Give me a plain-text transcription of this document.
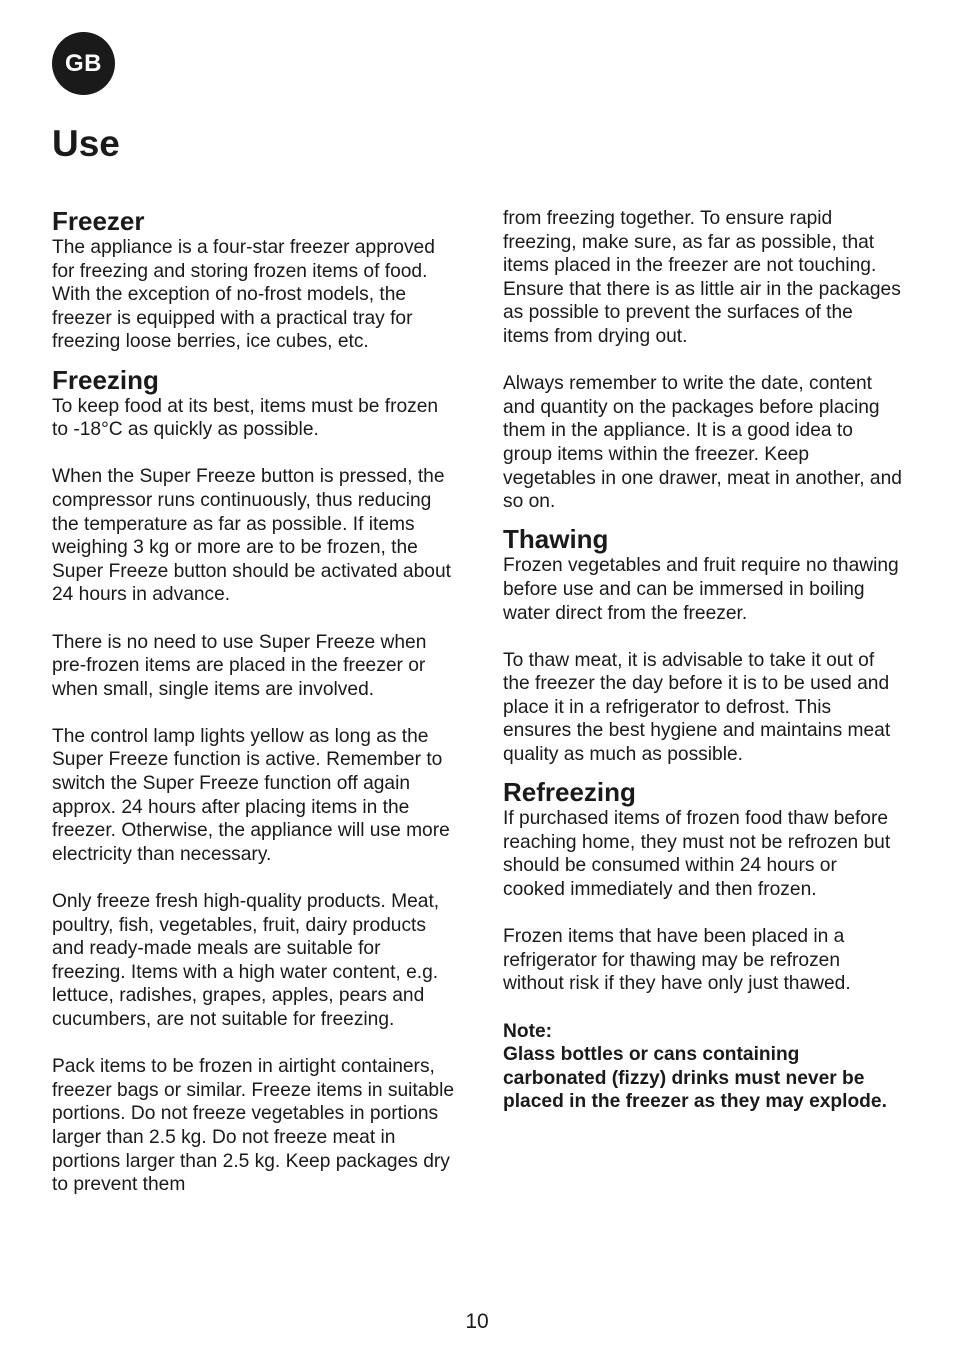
GB
Use
Freezer

The appliance is a four-star freezer approved for freezing and storing frozen items of food. With the exception of no-frost models, the freezer is equipped with a practical tray for freezing loose berries, ice cubes, etc.

Freezing

To keep food at its best, items must be frozen to -18°C as quickly as possible.

When the Super Freeze button is pressed, the compressor runs continuously, thus reducing the temperature as far as possible. If items weighing 3 kg or more are to be frozen, the Super Freeze button should be activated about 24 hours in advance.

There is no need to use Super Freeze when pre-frozen items are placed in the freezer or when small, single items are involved.

The control lamp lights yellow as long as the Super Freeze function is active. Remember to switch the Super Freeze function off again approx. 24 hours after placing items in the freezer. Otherwise, the appliance will use more electricity than necessary.

Only freeze fresh high-quality products. Meat, poultry, fish, vegetables, fruit, dairy products and ready-made meals are suitable for freezing. Items with a high water content, e.g. lettuce, radishes, grapes, apples, pears and cucumbers, are not suitable for freezing.

Pack items to be frozen in airtight containers, freezer bags or similar. Freeze items in suitable portions. Do not freeze vegetables in portions larger than 2.5 kg. Do not freeze meat in portions larger than 2.5 kg. Keep packages dry to prevent them

from freezing together. To ensure rapid freezing, make sure, as far as possible, that items placed in the freezer are not touching. Ensure that there is as little air in the packages as possible to prevent the surfaces of the items from drying out.

Always remember to write the date, content and quantity on the packages before placing them in the appliance. It is a good idea to group items within the freezer. Keep vegetables in one drawer, meat in another, and so on.

Thawing

Frozen vegetables and fruit require no thawing before use and can be immersed in boiling water direct from the freezer.

To thaw meat, it is advisable to take it out of the freezer the day before it is to be used and place it in a refrigerator to defrost. This ensures the best hygiene and maintains meat quality as much as possible.

Refreezing

If purchased items of frozen food thaw before reaching home, they must not be refrozen but should be consumed within 24 hours or cooked immediately and then frozen.

Frozen items that have been placed in a refrigerator for thawing may be refrozen without risk if they have only just thawed.

Note:

Glass bottles or cans containing carbonated (fizzy) drinks must never be placed in the freezer as they may explode.

10
